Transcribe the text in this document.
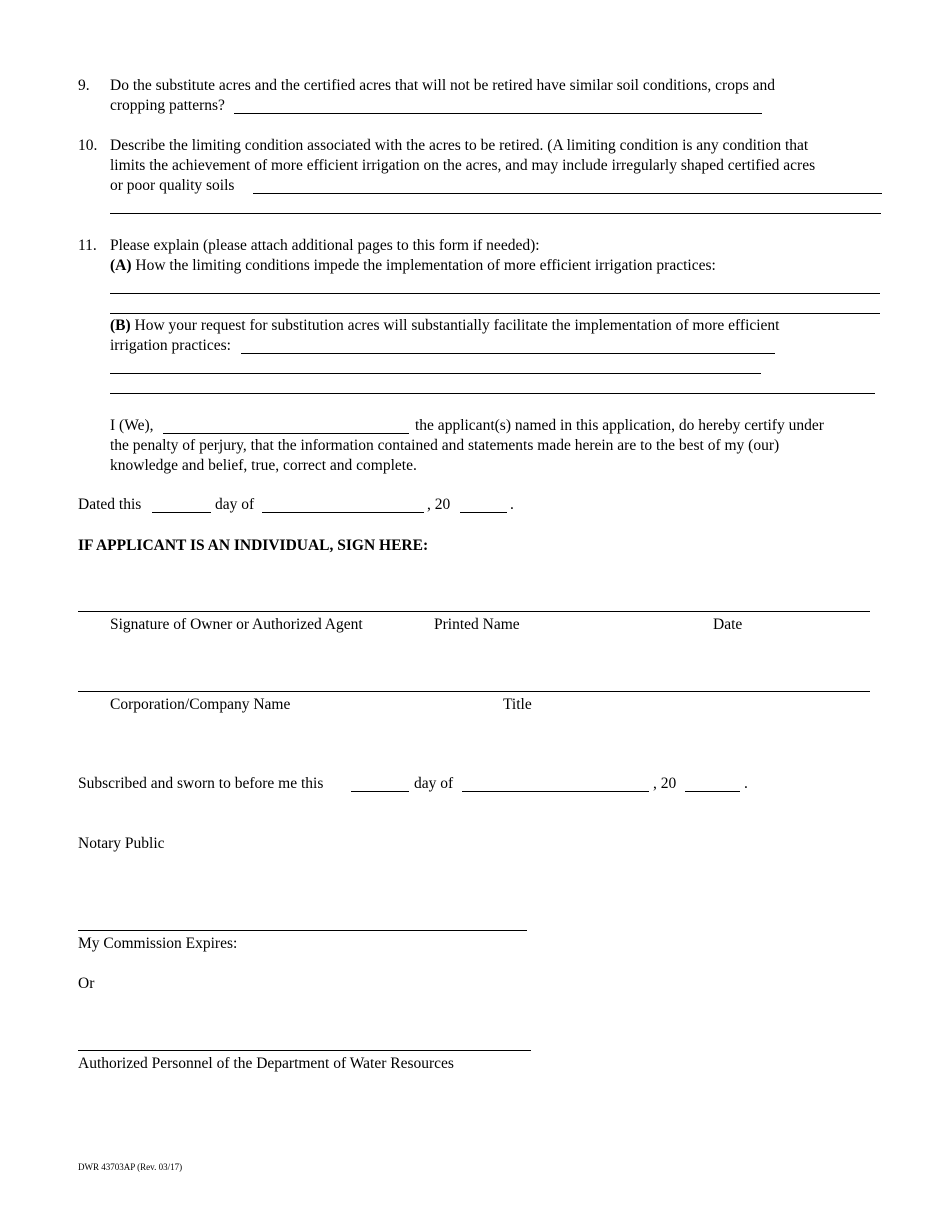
9. Do the substitute acres and the certified acres that will not be retired have similar soil conditions, crops and
cropping patterns?
10. Describe the limiting condition associated with the acres to be retired. (A limiting condition is any condition that
limits the achievement of more efficient irrigation on the acres, and may include irregularly shaped certified acres
or poor quality soils
11. Please explain (please attach additional pages to this form if needed):
(A) How the limiting conditions impede the implementation of more efficient irrigation practices:
(B) How your request for substitution acres will substantially facilitate the implementation of more efficient
irrigation practices:
I (We),	the applicant(s) named in this application, do hereby certify under
the penalty of perjury, that the information contained and statements made herein are to the best of my (our)
knowledge and belief, true, correct and complete.
Dated this	day of	, 20	.
IF APPLICANT IS AN INDIVIDUAL, SIGN HERE:
Signature of Owner or Authorized Agent	Printed Name	Date
Corporation/Company Name	Title
Subscribed and sworn to before me this	day of	, 20	.
Notary Public
My Commission Expires:
Or
Authorized Personnel of the Department of Water Resources
DWR 43703AP (Rev. 03/17)
